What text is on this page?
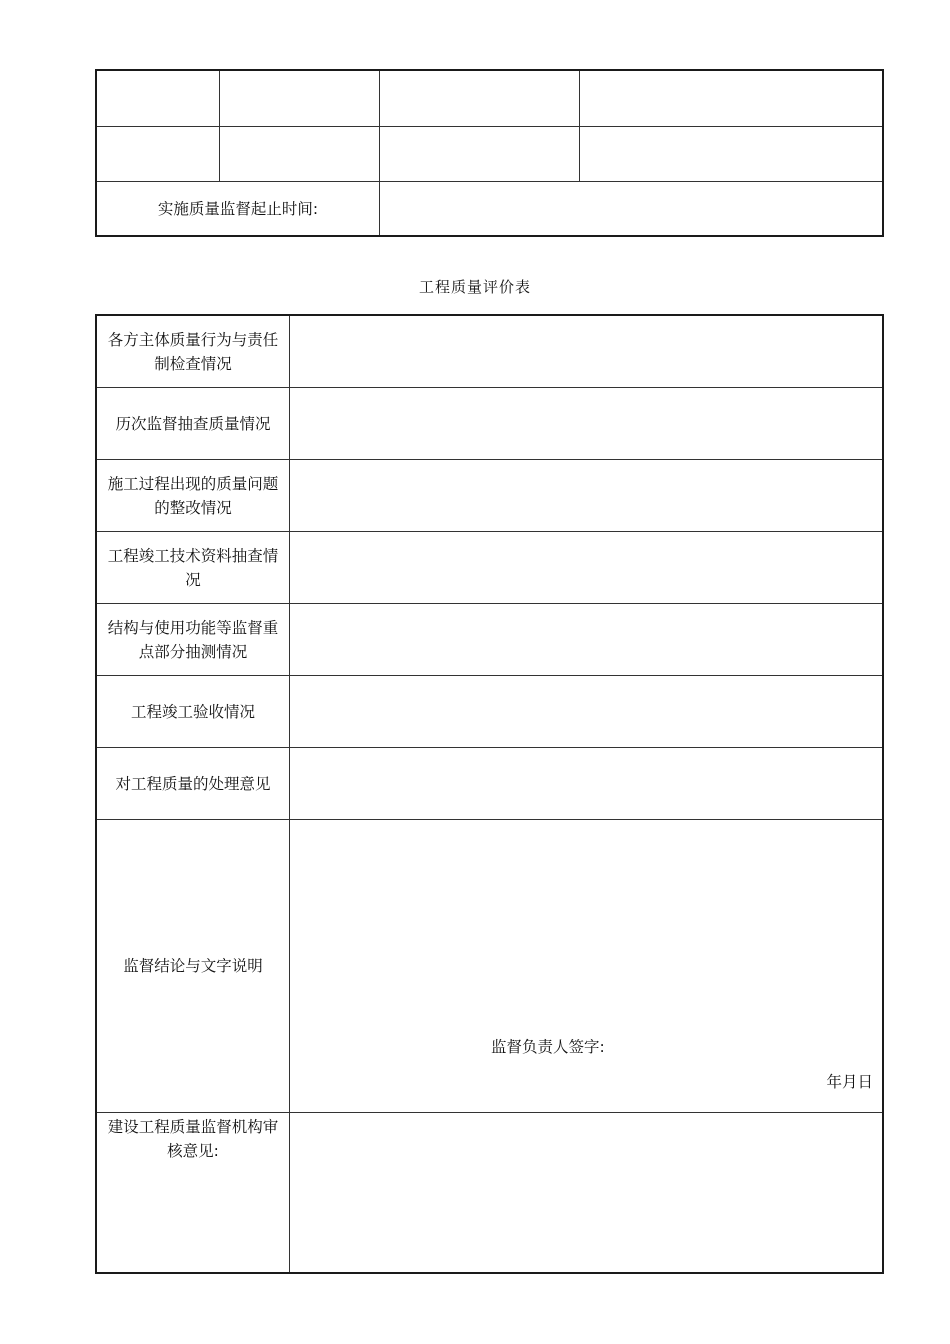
实施质量监督起止时间:
工程质量评价表
各方主体质量行为与责任制检查情况
历次监督抽查质量情况
施工过程出现的质量问题的整改情况
工程竣工技术资料抽查情况
结构与使用功能等监督重点部分抽测情况
工程竣工验收情况
对工程质量的处理意见
监督结论与文字说明
建设工程质量监督机构审核意见:
监督负责人签字:
年月日
